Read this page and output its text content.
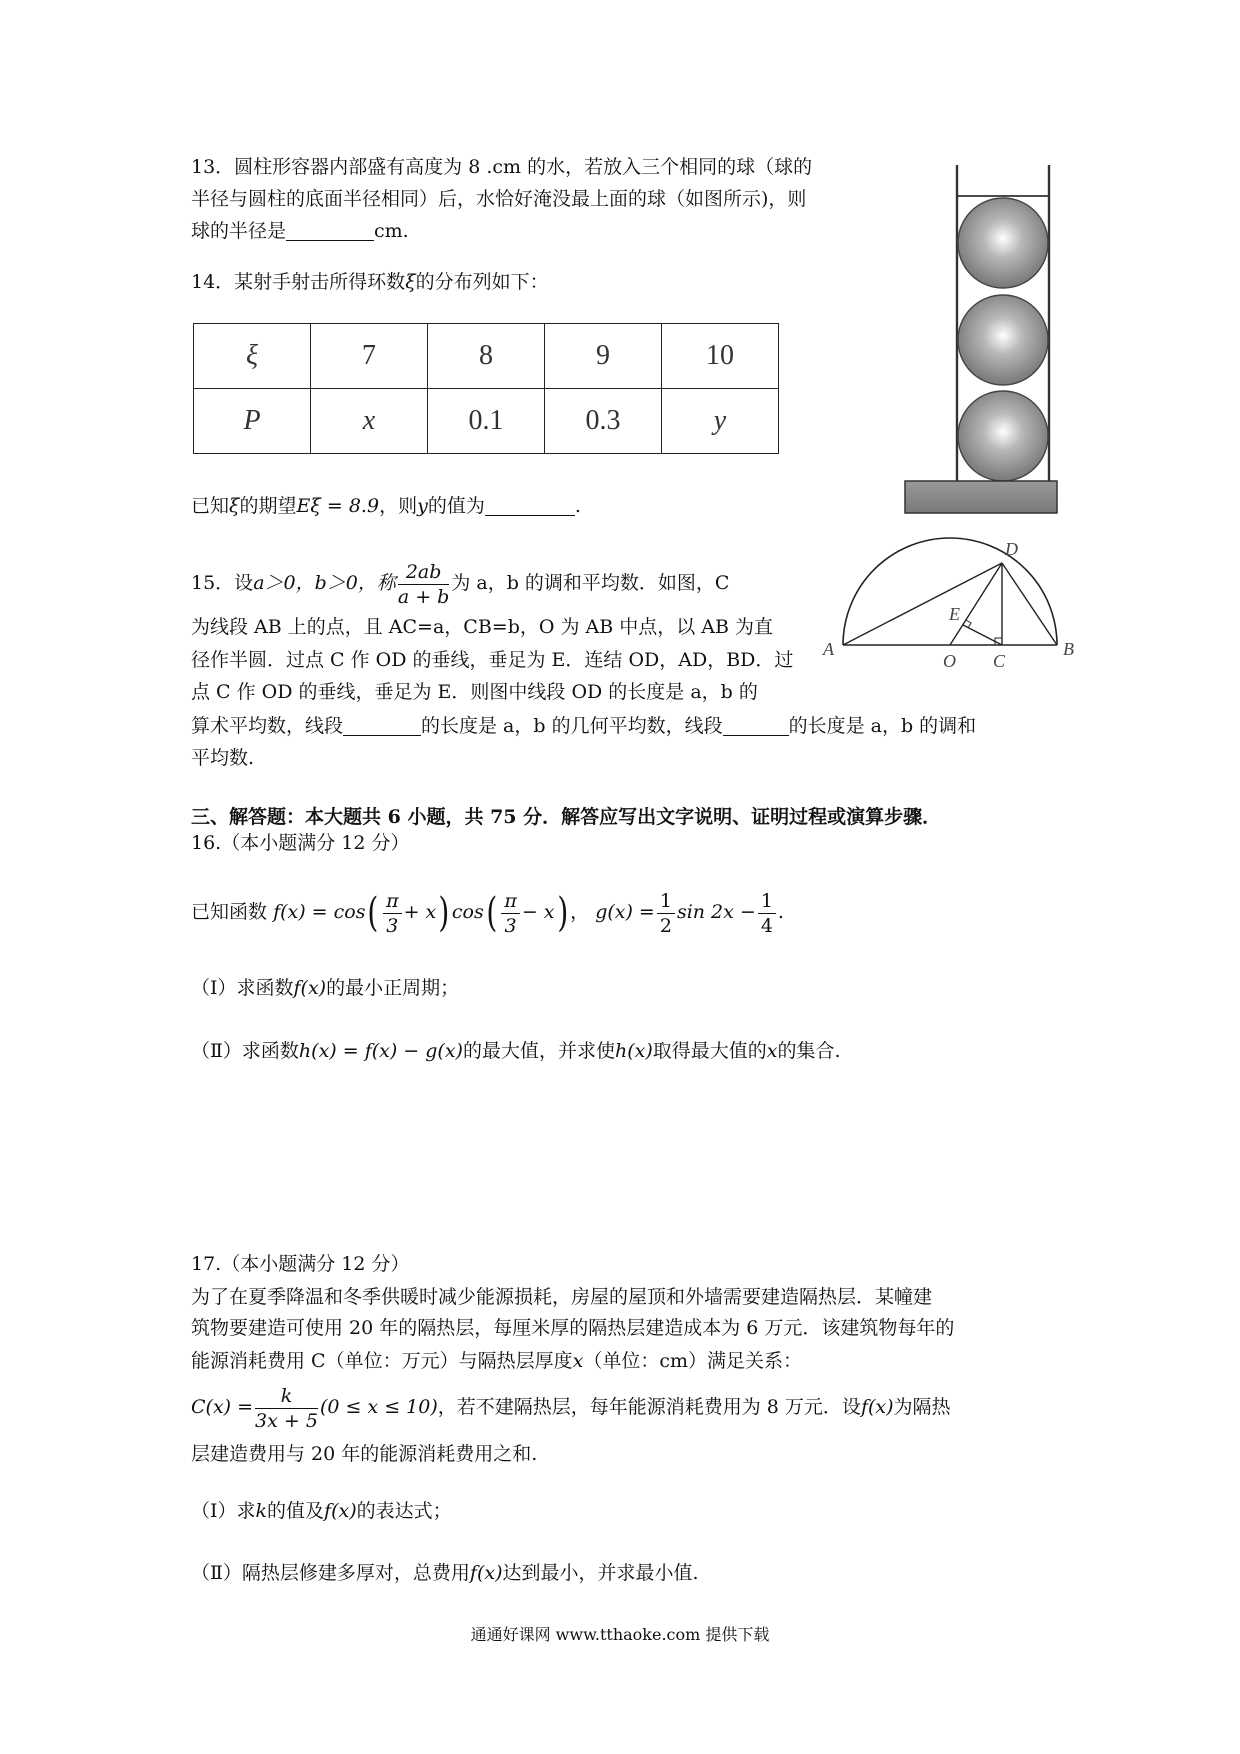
13．圆柱形容器内部盛有高度为 8 .cm 的水，若放入三个相同的球（球的
半径与圆柱的底面半径相同）后，水恰好淹没最上面的球（如图所示)，则
球的半径是	cm.
14．某射手射击所得环数ξ的分布列如下：
ξ	7	8	9	10
P	x	0.1	0.3	y
已知ξ的期望Eξ = 8.9，则y的值为	.
15．设a＞0，b＞0，称 $\frac{2ab}{a + b}$ 为 a，b 的调和平均数．如图，C
为线段 AB 上的点，且 AC=a，CB=b，O 为 AB 中点，以 AB 为直
径作半圆．过点 C 作 OD 的垂线，垂足为 E．连结 OD，AD，BD．过
点 C 作 OD 的垂线，垂足为 E．则图中线段 OD 的长度是 a，b 的
算术平均数，线段	的长度是 a，b 的几何平均数，线段	的长度是 a，b 的调和
平均数.
A	B
C
D
E
O
三、解答题：本大题共 6 小题，共 75 分．解答应写出文字说明、证明过程或演算步骤．
16.（本小题满分 12 分）
已知函数 $f(x) = \cos( \frac{\pi}{3} + x)$ $\cos( \frac{\pi}{3} - x)$ ， $g(x) = \frac{1}{2}$ $\sin 2x - \frac{1}{4}$ .
（Ⅰ）求函数f(x)的最小正周期；
（Ⅱ）求函数h(x) = f(x) − g(x)的最大值，并求使h(x)取得最大值的x的集合.
17.（本小题满分 12 分）
为了在夏季降温和冬季供暖时减少能源损耗，房屋的屋顶和外墙需要建造隔热层．某幢建
筑物要建造可使用 20 年的隔热层，每厘米厚的隔热层建造成本为 6 万元．该建筑物每年的
能源消耗费用 C（单位：万元）与隔热层厚度x（单位：cm）满足关系：
$C(x) = \frac{k}{3x + 5} (0 \le x \le 10)$，若不建隔热层，每年能源消耗费用为 8 万元．设f(x)为隔热
层建造费用与 20 年的能源消耗费用之和.
（Ⅰ）求k的值及f(x)的表达式；
（Ⅱ）隔热层修建多厚对，总费用f(x)达到最小，并求最小值.
通通好课网 www.tthaoke.com 提供下载
